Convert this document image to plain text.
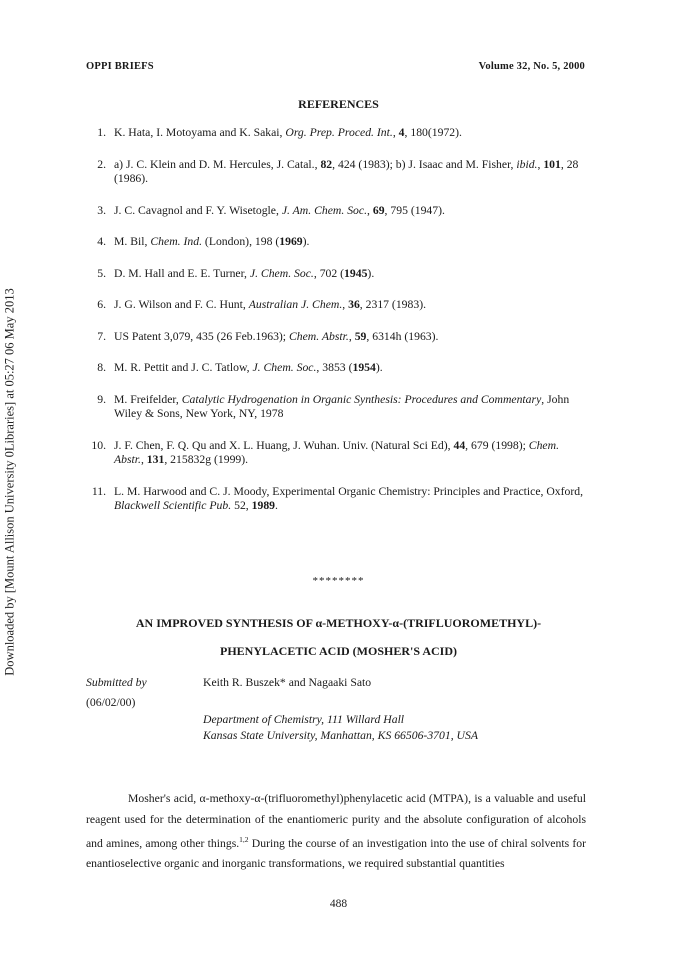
Downloaded by [Mount Allison University 0Libraries] at 05:27 06 May 2013
OPPI BRIEFS	Volume 32, No. 5, 2000
REFERENCES
1. K. Hata, I. Motoyama and K. Sakai, Org. Prep. Proced. Int., 4, 180(1972).
2. a) J. C. Klein and D. M. Hercules, J. Catal., 82, 424 (1983); b) J. Isaac and M. Fisher, ibid., 101, 28 (1986).
3. J. C. Cavagnol and F. Y. Wisetogle, J. Am. Chem. Soc., 69, 795 (1947).
4. M. Bil, Chem. Ind. (London), 198 (1969).
5. D. M. Hall and E. E. Turner, J. Chem. Soc., 702 (1945).
6. J. G. Wilson and F. C. Hunt, Australian J. Chem., 36, 2317 (1983).
7. US Patent 3,079, 435 (26 Feb.1963); Chem. Abstr., 59, 6314h (1963).
8. M. R. Pettit and J. C. Tatlow, J. Chem. Soc., 3853 (1954).
9. M. Freifelder, Catalytic Hydrogenation in Organic Synthesis: Procedures and Commentary, John Wiley & Sons, New York, NY, 1978
10. J. F. Chen, F. Q. Qu and X. L. Huang, J. Wuhan. Univ. (Natural Sci Ed), 44, 679 (1998); Chem. Abstr., 131, 215832g (1999).
11. L. M. Harwood and C. J. Moody, Experimental Organic Chemistry: Principles and Practice, Oxford, Blackwell Scientific Pub. 52, 1989.
********
AN IMPROVED SYNTHESIS OF α-METHOXY-α-(TRIFLUOROMETHYL)-
PHENYLACETIC ACID (MOSHER'S ACID)
Submitted by
(06/02/00)
Keith R. Buszek* and Nagaaki Sato
Department of Chemistry, 111 Willard Hall
Kansas State University, Manhattan, KS 66506-3701, USA
Mosher's acid, α-methoxy-α-(trifluoromethyl)phenylacetic acid (MTPA), is a valuable and useful reagent used for the determination of the enantiomeric purity and the absolute configuration of alcohols and amines, among other things.$^{1,2}$ During the course of an investigation into the use of chiral solvents for enantioselective organic and inorganic transformations, we required substantial quantities
488
